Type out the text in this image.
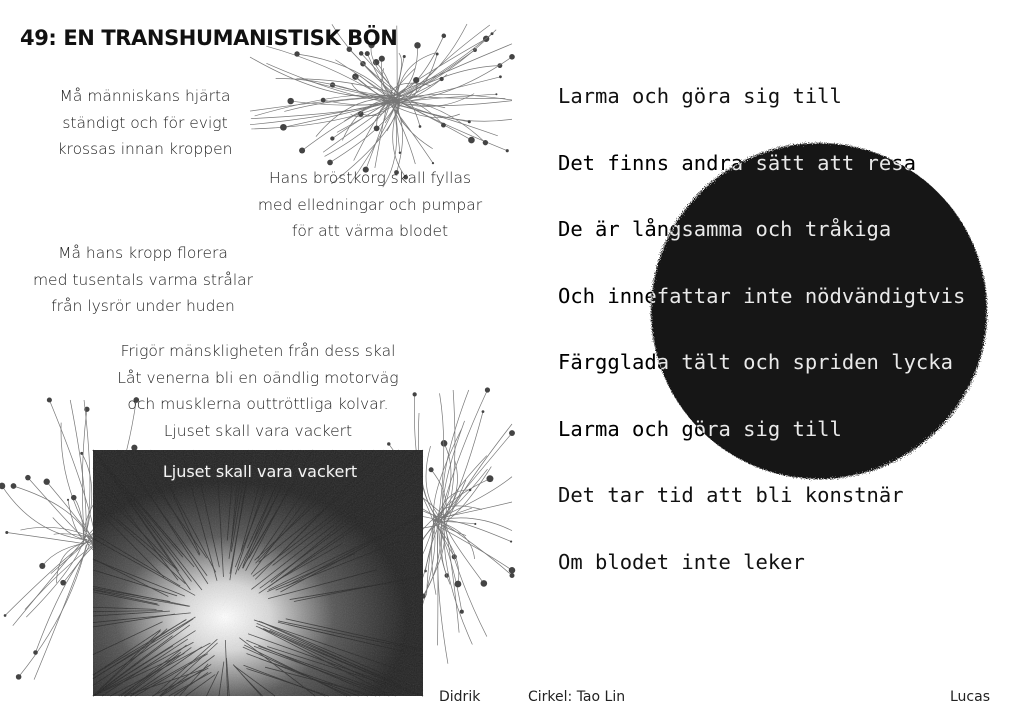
49: EN TRANSHUMANISTISK BÖN
Må människans hjärta
ständigt och för evigt
krossas innan kroppen
Hans bröstkorg skall fyllas
med elledningar och pumpar
för att värma blodet
Må hans kropp florera
med tusentals varma strålar
från lysrör under huden
Frigör mänskligheten från dess skal
Låt venerna bli en oändlig motorväg
och musklerna outtröttliga kolvar.
Ljuset skall vara vackert
Ljuset skall vara vackert
Didrik
Larma och göra sig till
Det finns andra sätt att resa
De är långsamma och tråkiga
Och innefattar inte nödvändigtvis
Färgglada tält och spriden lycka
Larma och göra sig till
Det tar tid att bli konstnär
Om blodet inte leker
Cirkel: Tao Lin	Lucas
